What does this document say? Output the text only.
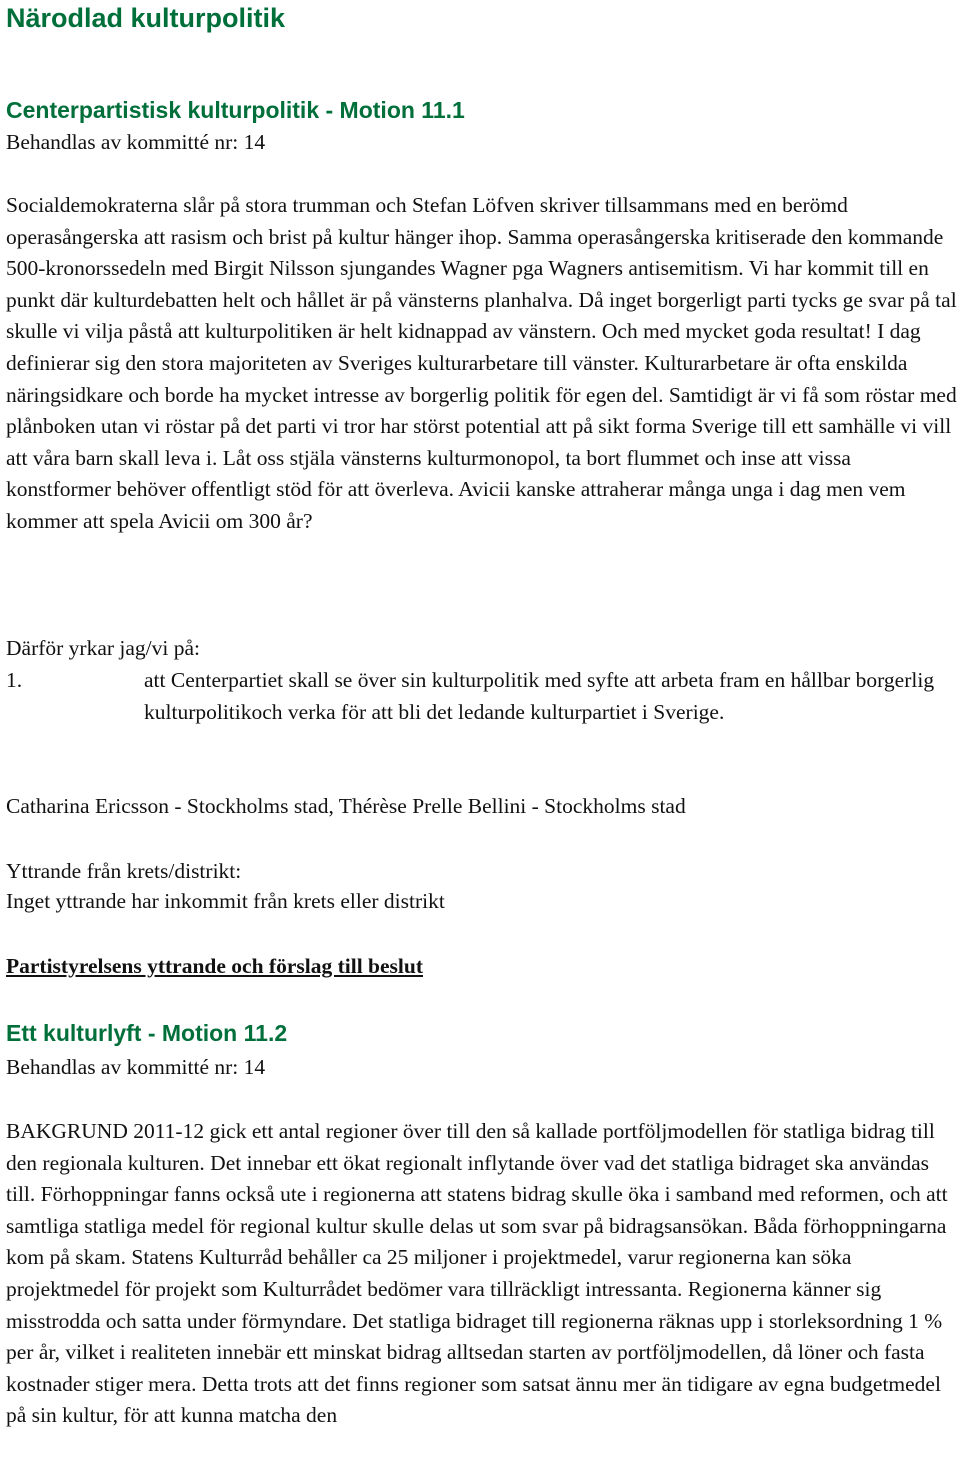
Närodlad kulturpolitik
Centerpartistisk kulturpolitik - Motion 11.1
Behandlas av kommitté nr: 14

Socialdemokraterna slår på stora trumman och Stefan Löfven skriver tillsammans med en berömd operasångerska att rasism och brist på kultur hänger ihop. Samma operasångerska kritiserade den kommande 500-kronorssedeln med Birgit Nilsson sjungandes Wagner pga Wagners antisemitism. Vi har kommit till en punkt där kulturdebatten helt och hållet är på vänsterns planhalva. Då inget borgerligt parti tycks ge svar på tal skulle vi vilja påstå att kulturpolitiken är helt kidnappad av vänstern. Och med mycket goda resultat! I dag definierar sig den stora majoriteten av Sveriges kulturarbetare till vänster. Kulturarbetare är ofta enskilda näringsidkare och borde ha mycket intresse av borgerlig politik för egen del. Samtidigt är vi få som röstar med plånboken utan vi röstar på det parti vi tror har störst potential att på sikt forma Sverige till ett samhälle vi vill att våra barn skall leva i. Låt oss stjäla vänsterns kulturmonopol, ta bort flummet och inse att vissa konstformer behöver offentligt stöd för att överleva. Avicii kanske attraherar många unga i dag men vem kommer att spela Avicii om 300 år?

Därför yrkar jag/vi på:
1.	att Centerpartiet skall se över sin kulturpolitik med syfte att arbeta fram en hållbar borgerlig kulturpolitikoch verka för att bli det ledande kulturpartiet i Sverige.
Catharina Ericsson - Stockholms stad, Thérèse Prelle Bellini - Stockholms stad
Yttrande från krets/distrikt:
Inget yttrande har inkommit från krets eller distrikt
Partistyrelsens yttrande och förslag till beslut
Ett kulturlyft - Motion 11.2
Behandlas av kommitté nr: 14

BAKGRUND 2011-12 gick ett antal regioner över till den så kallade portföljmodellen för statliga bidrag till den regionala kulturen. Det innebar ett ökat regionalt inflytande över vad det statliga bidraget ska användas till. Förhoppningar fanns också ute i regionerna att statens bidrag skulle öka i samband med reformen, och att samtliga statliga medel för regional kultur skulle delas ut som svar på bidragsansökan. Båda förhoppningarna kom på skam. Statens Kulturråd behåller ca 25 miljoner i projektmedel, varur regionerna kan söka projektmedel för projekt som Kulturrådet bedömer vara tillräckligt intressanta. Regionerna känner sig misstrodda och satta under förmyndare. Det statliga bidraget till regionerna räknas upp i storleksordning 1 % per år, vilket i realiteten innebär ett minskat bidrag alltsedan starten av portföljmodellen, då löner och fasta kostnader stiger mera. Detta trots att det finns regioner som satsat ännu mer än tidigare av egna budgetmedel på sin kultur, för att kunna matcha den
